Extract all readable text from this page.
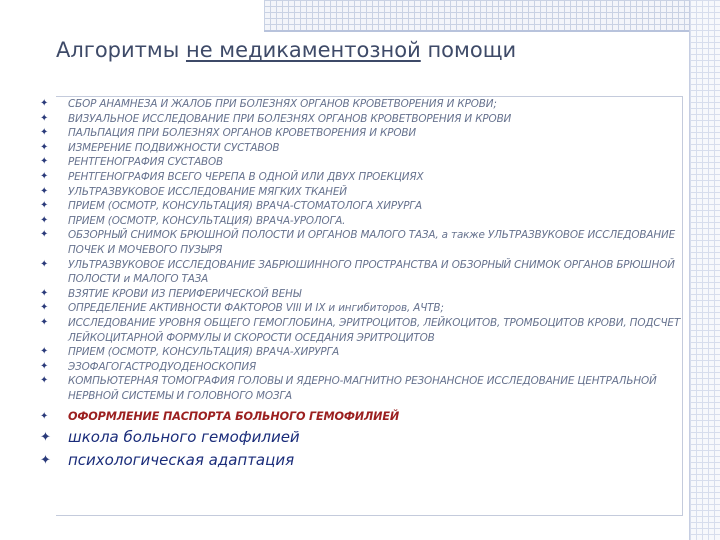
Алгоритмы не медикаментозной помощи
✦	СБОР АНАМНЕЗА И ЖАЛОБ ПРИ БОЛЕЗНЯХ ОРГАНОВ КРОВЕТВОРЕНИЯ И КРОВИ;
✦	ВИЗУАЛЬНОЕ ИССЛЕДОВАНИЕ ПРИ БОЛЕЗНЯХ ОРГАНОВ КРОВЕТВОРЕНИЯ И КРОВИ
✦	ПАЛЬПАЦИЯ ПРИ БОЛЕЗНЯХ ОРГАНОВ КРОВЕТВОРЕНИЯ И КРОВИ
✦	ИЗМЕРЕНИЕ ПОДВИЖНОСТИ СУСТАВОВ
✦	РЕНТГЕНОГРАФИЯ СУСТАВОВ
✦	РЕНТГЕНОГРАФИЯ ВСЕГО ЧЕРЕПА В ОДНОЙ ИЛИ ДВУХ ПРОЕКЦИЯХ
✦	УЛЬТРАЗВУКОВОЕ ИССЛЕДОВАНИЕ МЯГКИХ ТКАНЕЙ
✦	ПРИЕМ (ОСМОТР, КОНСУЛЬТАЦИЯ) ВРАЧА-СТОМАТОЛОГА ХИРУРГА
✦	ПРИЕМ (ОСМОТР, КОНСУЛЬТАЦИЯ) ВРАЧА-УРОЛОГА.
✦	ОБЗОРНЫЙ СНИМОК БРЮШНОЙ ПОЛОСТИ И ОРГАНОВ МАЛОГО ТАЗА, а также УЛЬТРАЗВУКОВОЕ ИССЛЕДОВАНИЕ ПОЧЕК И МОЧЕВОГО ПУЗЫРЯ
✦	УЛЬТРАЗВУКОВОЕ ИССЛЕДОВАНИЕ ЗАБРЮШИННОГО ПРОСТРАНСТВА И ОБЗОРНЫЙ СНИМОК ОРГАНОВ БРЮШНОЙ ПОЛОСТИ и МАЛОГО ТАЗА
✦	ВЗЯТИЕ КРОВИ ИЗ ПЕРИФЕРИЧЕСКОЙ ВЕНЫ
✦	ОПРЕДЕЛЕНИЕ АКТИВНОСТИ ФАКТОРОВ VIII И IX и ингибиторов, АЧТВ;
✦	ИССЛЕДОВАНИЕ УРОВНЯ ОБЩЕГО ГЕМОГЛОБИНА, ЭРИТРОЦИТОВ, ЛЕЙКОЦИТОВ, ТРОМБОЦИТОВ КРОВИ, ПОДСЧЕТ ЛЕЙКОЦИТАРНОЙ ФОРМУЛЫ И СКОРОСТИ ОСЕДАНИЯ ЭРИТРОЦИТОВ
✦	ПРИЕМ (ОСМОТР, КОНСУЛЬТАЦИЯ) ВРАЧА-ХИРУРГА
✦	ЭЗОФАГОГАСТРОДУОДЕНОСКОПИЯ
✦	КОМПЬЮТЕРНАЯ ТОМОГРАФИЯ ГОЛОВЫ И ЯДЕРНО-МАГНИТНО РЕЗОНАНСНОЕ ИССЛЕДОВАНИЕ ЦЕНТРАЛЬНОЙ НЕРВНОЙ СИСТЕМЫ И ГОЛОВНОГО МОЗГА
✦	ОФОРМЛЕНИЕ ПАСПОРТА БОЛЬНОГО ГЕМОФИЛИЕЙ
✦	школа больного гемофилией
✦	психологическая адаптация
